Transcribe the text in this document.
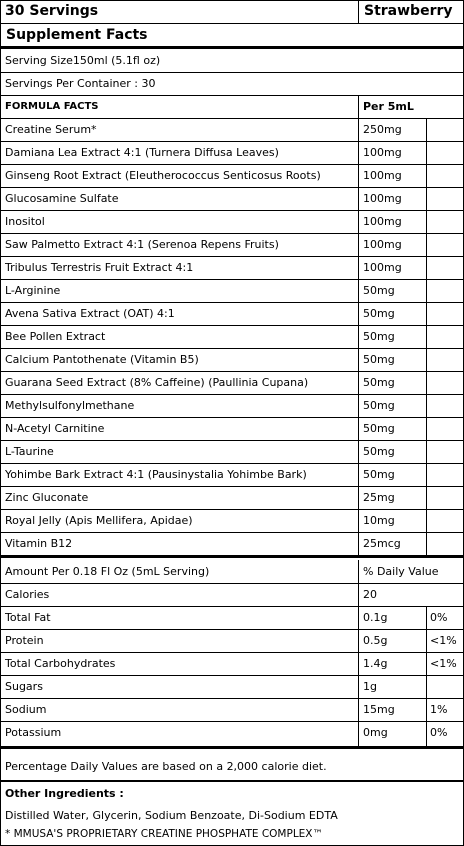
30 Servings	Strawberry
Supplement Facts
Serving Size150ml (5.1fl oz)
Servings Per Container : 30
FORMULA FACTS	Per 5mL
Creatine Serum*	250mg
Damiana Lea Extract 4:1 (Turnera Diffusa Leaves)	100mg
Ginseng Root Extract (Eleutherococcus Senticosus Roots)	100mg
Glucosamine Sulfate	100mg
Inositol	100mg
Saw Palmetto Extract 4:1 (Serenoa Repens Fruits)	100mg
Tribulus Terrestris Fruit Extract 4:1	100mg
L-Arginine	50mg
Avena Sativa Extract (OAT) 4:1	50mg
Bee Pollen Extract	50mg
Calcium Pantothenate (Vitamin B5)	50mg
Guarana Seed Extract (8% Caffeine) (Paullinia Cupana)	50mg
Methylsulfonylmethane	50mg
N-Acetyl Carnitine	50mg
L-Taurine	50mg
Yohimbe Bark Extract 4:1 (Pausinystalia Yohimbe Bark)	50mg
Zinc Gluconate	25mg
Royal Jelly (Apis Mellifera, Apidae)	10mg
Vitamin B12	25mcg
Amount Per 0.18 Fl Oz (5mL Serving)	% Daily Value
Calories	20
Total Fat	0.1g	0%
Protein	0.5g	<1%
Total Carbohydrates	1.4g	<1%
Sugars	1g
Sodium	15mg	1%
Potassium	0mg	0%
Percentage Daily Values are based on a 2,000 calorie diet.
Other Ingredients :
Distilled Water, Glycerin, Sodium Benzoate, Di-Sodium EDTA
* MMUSA'S PROPRIETARY CREATINE PHOSPHATE COMPLEX™
